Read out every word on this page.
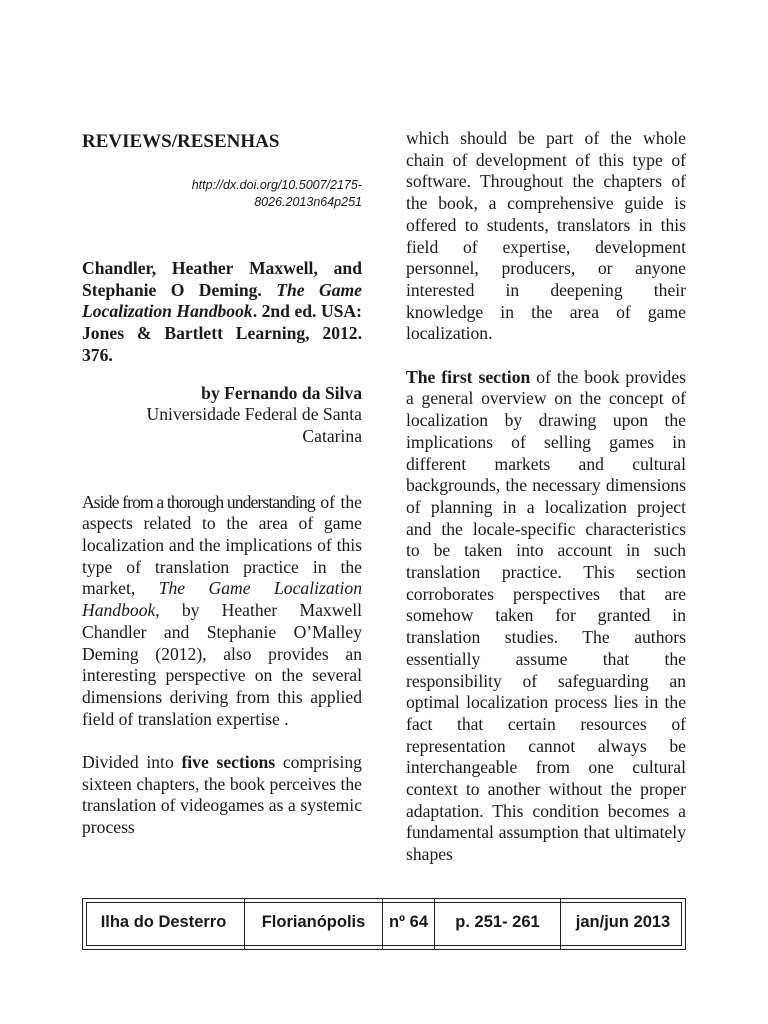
REVIEWS/RESENHAS
http://dx.doi.org/10.5007/2175-
8026.2013n64p251

Chandler, Heather Maxwell, and Stephanie O Deming. The Game Localization Handbook. 2nd ed. USA: Jones & Bartlett Learning, 2012. 376.

by Fernando da Silva
Universidade Federal de Santa
Catarina

Aside from a thorough understanding of the aspects related to the area of game localization and the implications of this type of translation practice in the market, The Game Localization Handbook, by Heather Maxwell Chandler and Stephanie O’Malley Deming (2012), also provides an interesting perspective on the several dimensions deriving from this applied field of translation expertise .

Divided into five sections comprising sixteen chapters, the book perceives the translation of videogames as a systemic process

which should be part of the whole chain of development of this type of software. Throughout the chapters of the book, a comprehensive guide is offered to students, translators in this field of expertise, development personnel, producers, or anyone interested in deepening their knowledge in the area of game localization.

The first section of the book provides a general overview on the concept of localization by drawing upon the implications of selling games in different markets and cultural backgrounds, the necessary dimensions of planning in a localization project and the locale-specific characteristics to be taken into account in such translation practice. This section corroborates perspectives that are somehow taken for granted in translation studies. The authors essentially assume that the responsibility of safeguarding an optimal localization process lies in the fact that certain resources of representation cannot always be interchangeable from one cultural context to another without the proper adaptation. This condition becomes a fundamental assumption that ultimately shapes

Ilha do Desterro	Florianópolis	nº 64	p. 251- 261	jan/jun 2013
